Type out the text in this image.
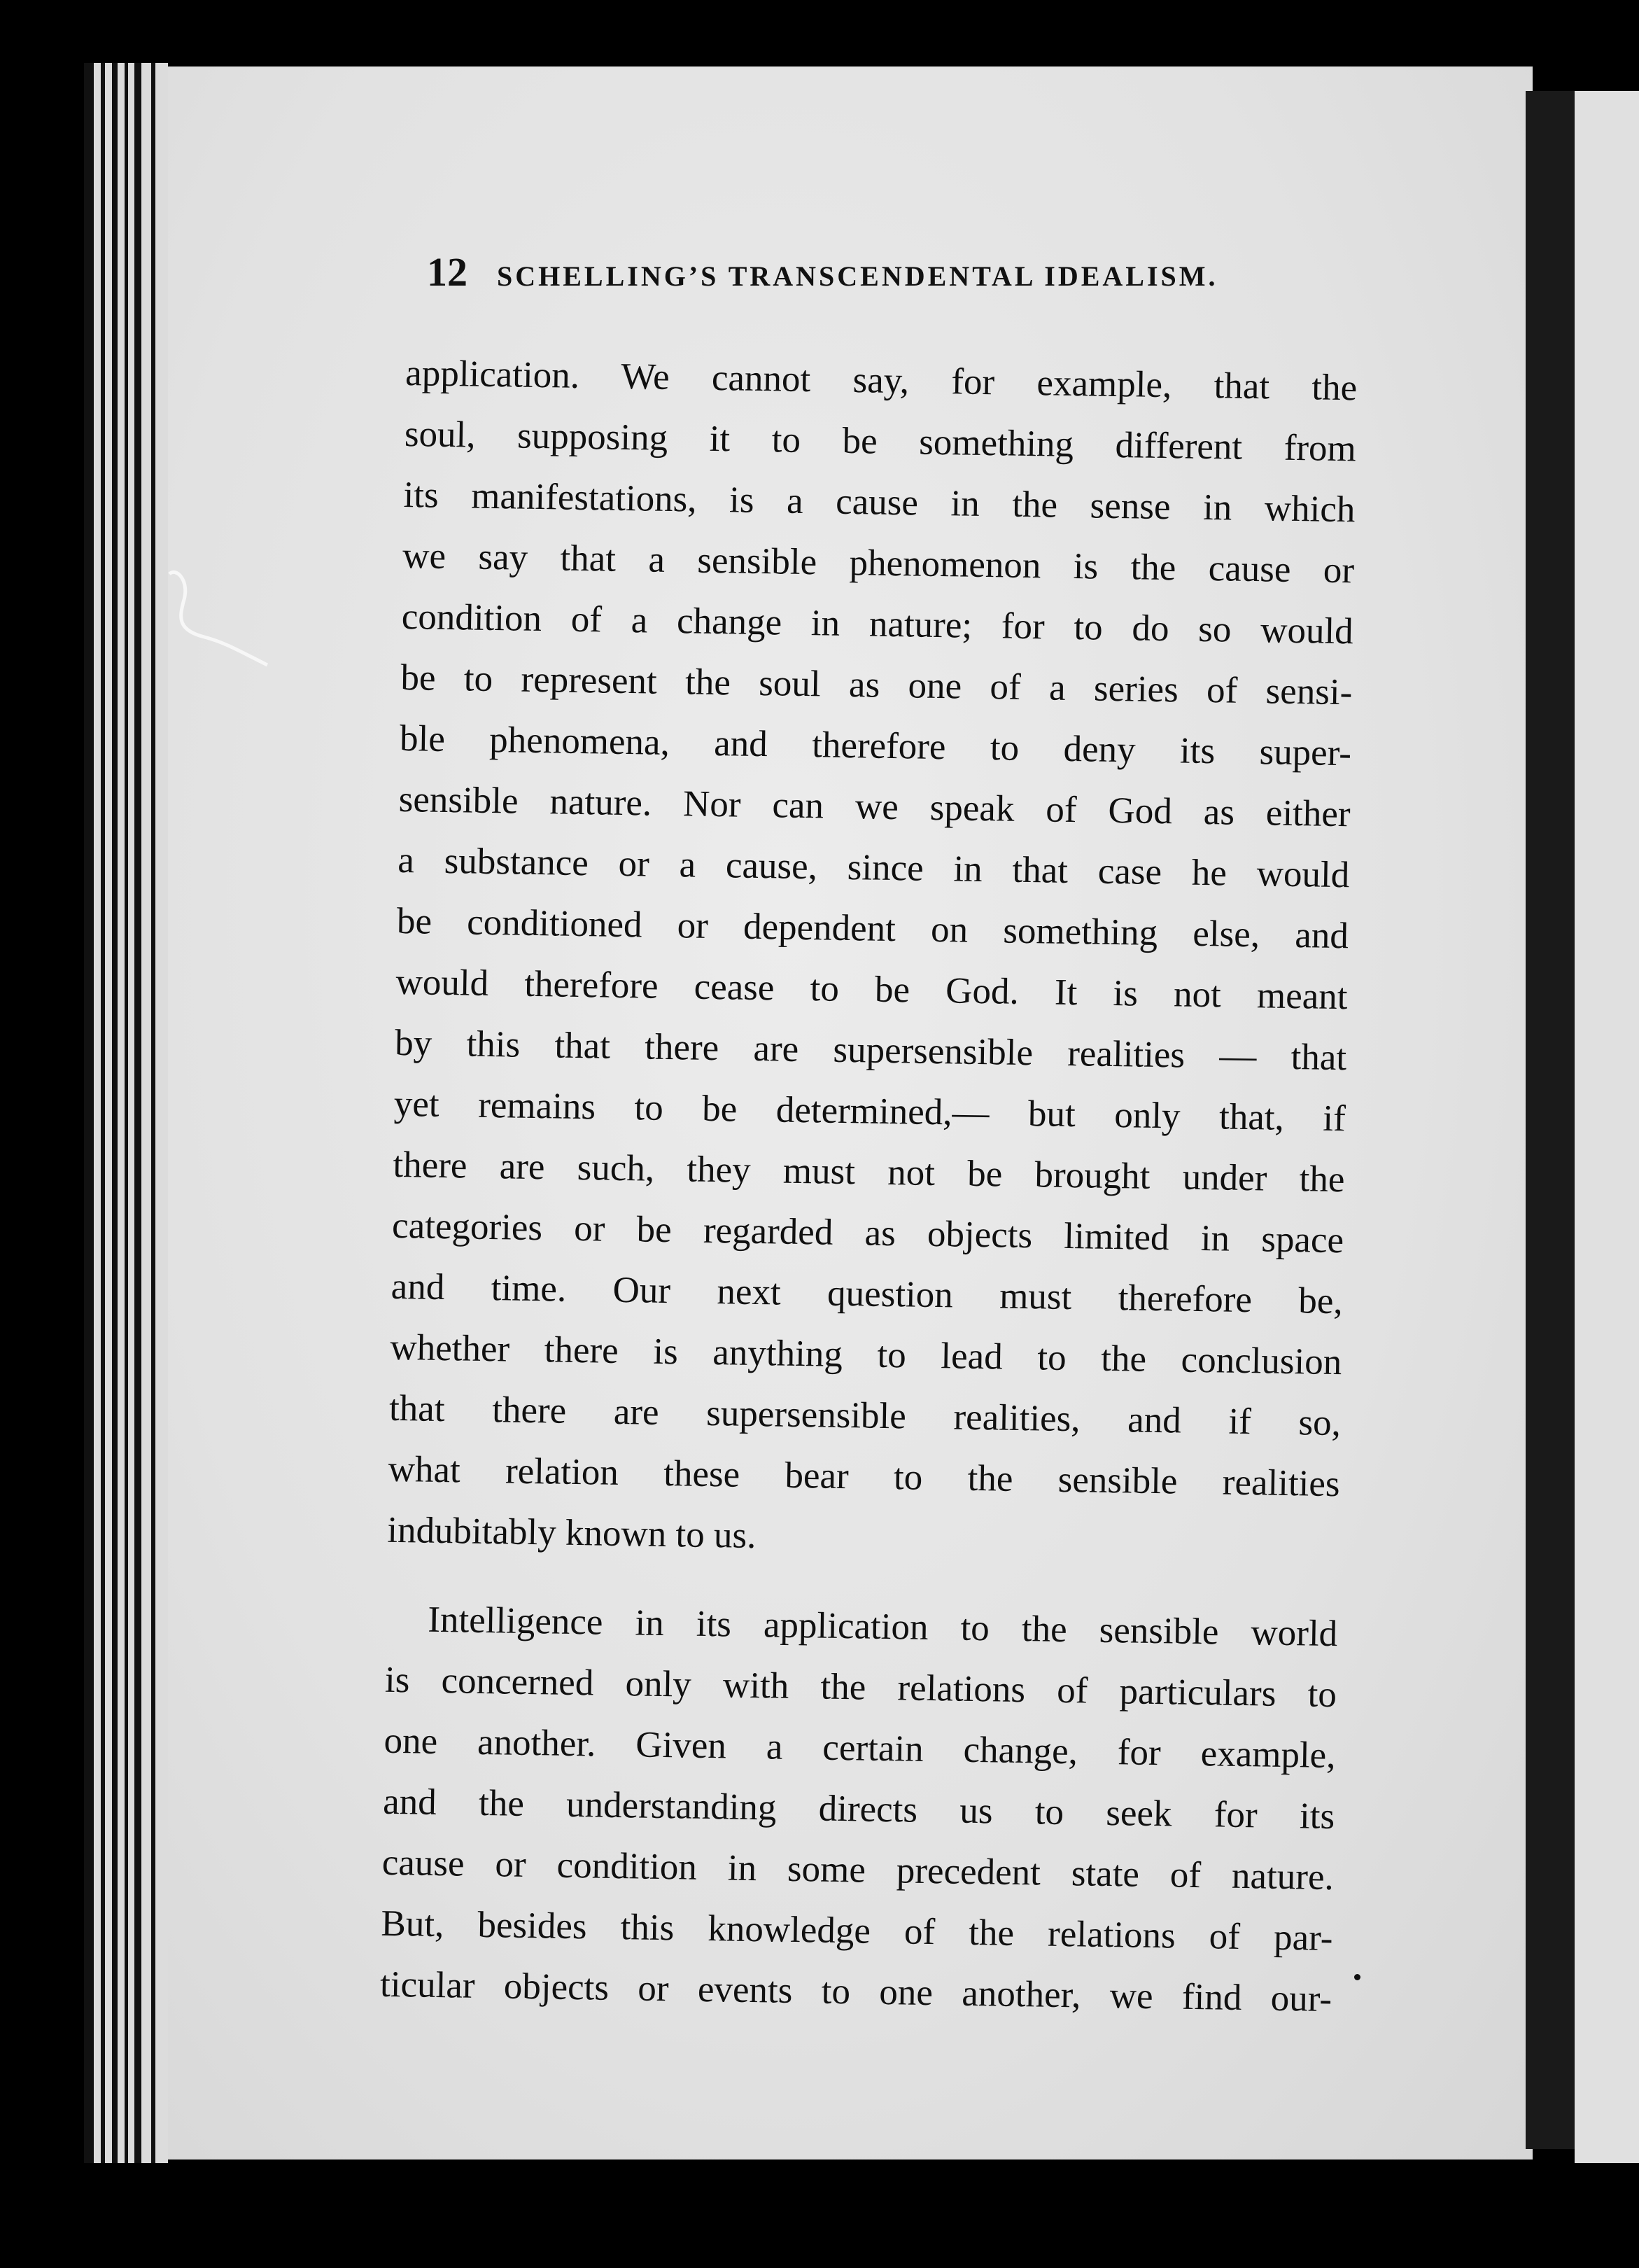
12 SCHELLING’S TRANSCENDENTAL IDEALISM.
application. We cannot say, for example, that the
soul, supposing it to be something different from
its manifestations, is a cause in the sense in which
we say that a sensible phenomenon is the cause or
condition of a change in nature; for to do so would
be to represent the soul as one of a series of sensi-
ble phenomena, and therefore to deny its super-
sensible nature. Nor can we speak of God as either
a substance or a cause, since in that case he would
be conditioned or dependent on something else, and
would therefore cease to be God. It is not meant
by this that there are supersensible realities — that
yet remains to be determined,— but only that, if
there are such, they must not be brought under the
categories or be regarded as objects limited in space
and time. Our next question must therefore be,
whether there is anything to lead to the conclusion
that there are supersensible realities, and if so,
what relation these bear to the sensible realities
indubitably known to us.
Intelligence in its application to the sensible world
is concerned only with the relations of particulars to
one another. Given a certain change, for example,
and the understanding directs us to seek for its
cause or condition in some precedent state of nature.
But, besides this knowledge of the relations of par-
ticular objects or events to one another, we find our-
